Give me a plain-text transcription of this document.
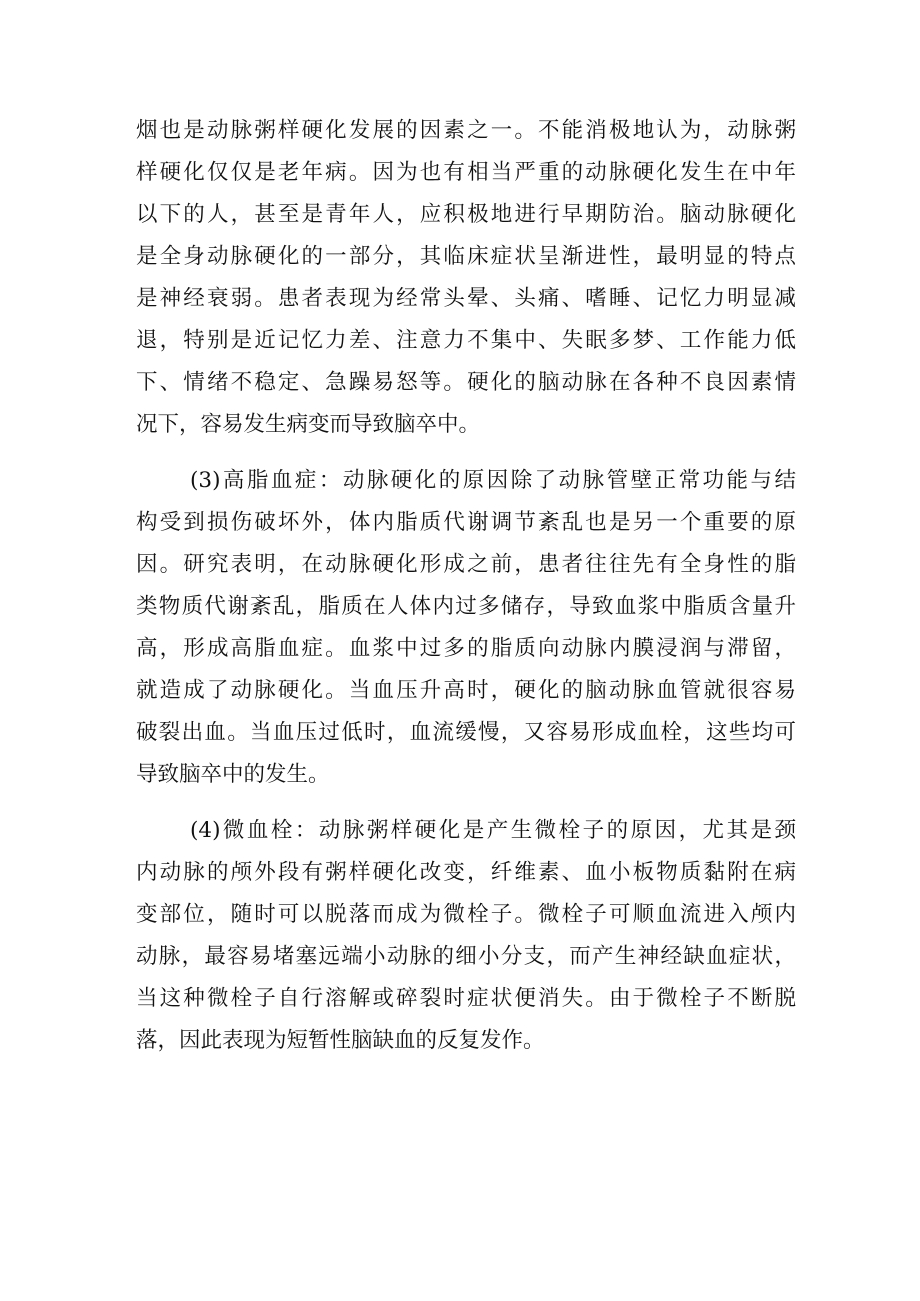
烟也是动脉粥样硬化发展的因素之一。不能消极地认为，动脉粥
样硬化仅仅是老年病。因为也有相当严重的动脉硬化发生在中年
以下的人，甚至是青年人，应积极地进行早期防治。脑动脉硬化
是全身动脉硬化的一部分，其临床症状呈渐进性，最明显的特点
是神经衰弱。患者表现为经常头晕、头痛、嗜睡、记忆力明显减
退，特别是近记忆力差、注意力不集中、失眠多梦、工作能力低
下、情绪不稳定、急躁易怒等。硬化的脑动脉在各种不良因素情
况下，容易发生病变而导致脑卒中。
(3)高脂血症：动脉硬化的原因除了动脉管壁正常功能与结
构受到损伤破坏外，体内脂质代谢调节紊乱也是另一个重要的原
因。研究表明，在动脉硬化形成之前，患者往往先有全身性的脂
类物质代谢紊乱，脂质在人体内过多储存，导致血浆中脂质含量升
高，形成高脂血症。血浆中过多的脂质向动脉内膜浸润与滞留，
就造成了动脉硬化。当血压升高时，硬化的脑动脉血管就很容易
破裂出血。当血压过低时，血流缓慢，又容易形成血栓，这些均可
导致脑卒中的发生。
(4)微血栓：动脉粥样硬化是产生微栓子的原因，尤其是颈
内动脉的颅外段有粥样硬化改变，纤维素、血小板物质黏附在病
变部位，随时可以脱落而成为微栓子。微栓子可顺血流进入颅内
动脉，最容易堵塞远端小动脉的细小分支，而产生神经缺血症状，
当这种微栓子自行溶解或碎裂时症状便消失。由于微栓子不断脱
落，因此表现为短暂性脑缺血的反复发作。
